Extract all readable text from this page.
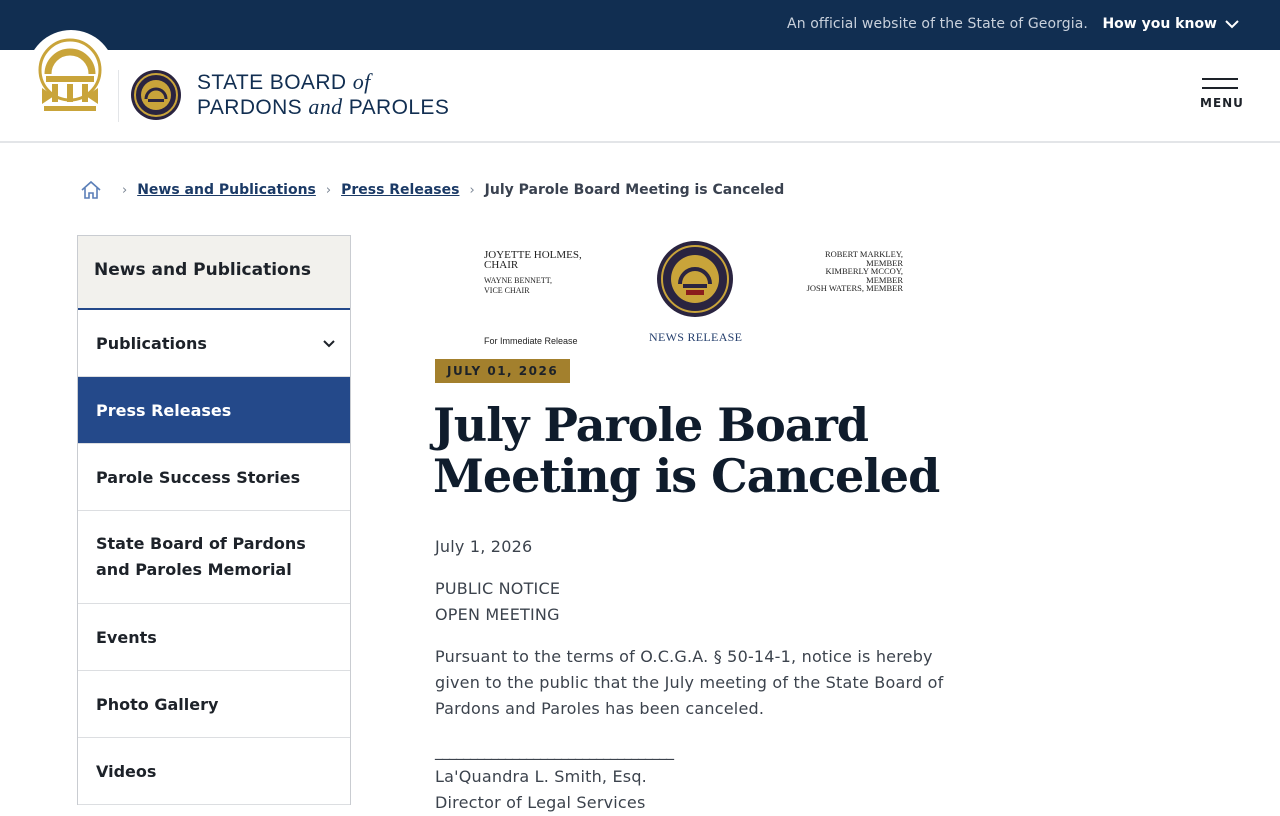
An official website of the State of Georgia. How you know
STATE BOARD of
PARDONS and PAROLES	MENU
› News and Publications › Press Releases › July Parole Board Meeting is Canceled
News and Publications
Publications
Press Releases
Parole Success Stories
State Board of Pardons and Paroles Memorial
Events
Photo Gallery
Videos
JOYETTE HOLMES,
CHAIR
WAYNE BENNETT,
VICE CHAIR
For Immediate Release	NEWS RELEASE
ROBERT MARKLEY, MEMBER
KIMBERLY MCCOY, MEMBER
JOSH WATERS, MEMBER
JULY 01, 2026
July Parole Board Meeting is Canceled

July 1, 2026

PUBLIC NOTICE
OPEN MEETING

Pursuant to the terms of O.C.G.A. § 50-14-1, notice is hereby given to the public that the July meeting of the State Board of Pardons and Paroles has been canceled.

__________________________________
La'Quandra L. Smith, Esq.
Director of Legal Services
